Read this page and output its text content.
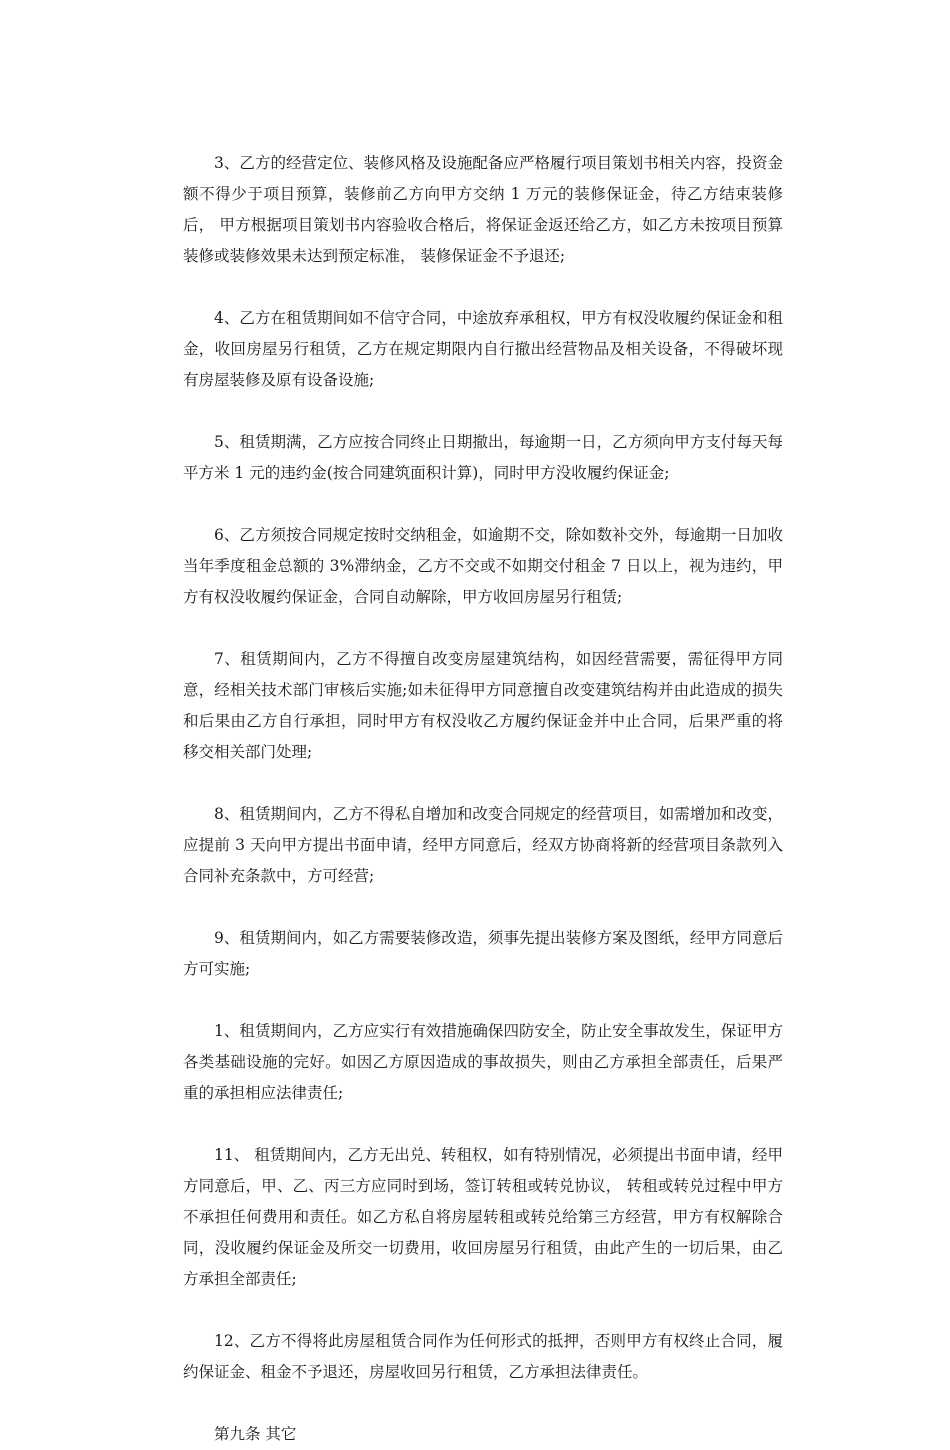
3、乙方的经营定位、装修风格及设施配备应严格履行项目策划书相关内容，投资金额不得少于项目预算，装修前乙方向甲方交纳 1 万元的装修保证金，待乙方结束装修后， 甲方根据项目策划书内容验收合格后，将保证金返还给乙方，如乙方未按项目预算装修或装修效果未达到预定标准， 装修保证金不予退还;

4、乙方在租赁期间如不信守合同，中途放弃承租权，甲方有权没收履约保证金和租金，收回房屋另行租赁，乙方在规定期限内自行撤出经营物品及相关设备，不得破坏现有房屋装修及原有设备设施;

5、租赁期满，乙方应按合同终止日期撤出，每逾期一日，乙方须向甲方支付每天每平方米 1 元的违约金(按合同建筑面积计算)，同时甲方没收履约保证金;

6、乙方须按合同规定按时交纳租金，如逾期不交，除如数补交外，每逾期一日加收当年季度租金总额的 3%滞纳金，乙方不交或不如期交付租金 7 日以上，视为违约，甲方有权没收履约保证金，合同自动解除，甲方收回房屋另行租赁;

7、租赁期间内，乙方不得擅自改变房屋建筑结构，如因经营需要，需征得甲方同意，经相关技术部门审核后实施;如未征得甲方同意擅自改变建筑结构并由此造成的损失和后果由乙方自行承担，同时甲方有权没收乙方履约保证金并中止合同，后果严重的将移交相关部门处理;

8、租赁期间内，乙方不得私自增加和改变合同规定的经营项目，如需增加和改变，应提前 3 天向甲方提出书面申请，经甲方同意后，经双方协商将新的经营项目条款列入合同补充条款中，方可经营;

9、租赁期间内，如乙方需要装修改造，须事先提出装修方案及图纸，经甲方同意后方可实施;

1、租赁期间内，乙方应实行有效措施确保四防安全，防止安全事故发生，保证甲方各类基础设施的完好。如因乙方原因造成的事故损失，则由乙方承担全部责任，后果严重的承担相应法律责任;

11、 租赁期间内，乙方无出兑、转租权，如有特别情况，必须提出书面申请，经甲方同意后，甲、乙、丙三方应同时到场，签订转租或转兑协议， 转租或转兑过程中甲方不承担任何费用和责任。如乙方私自将房屋转租或转兑给第三方经营，甲方有权解除合同，没收履约保证金及所交一切费用，收回房屋另行租赁，由此产生的一切后果，由乙方承担全部责任;

12、乙方不得将此房屋租赁合同作为任何形式的抵押，否则甲方有权终止合同，履约保证金、租金不予退还，房屋收回另行租赁，乙方承担法律责任。

第九条 其它
